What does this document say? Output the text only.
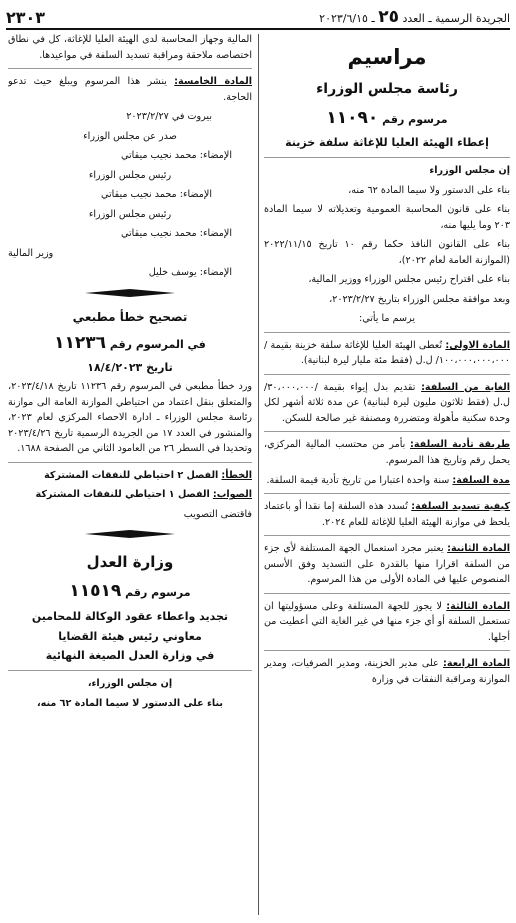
الجريدة الرسمية ـ العدد ٢٥ ـ ٢٠٢٣/٦/١٥
٢٣٠٣
مراسيم
رئاسة مجلس الوزراء
مرسوم رقم ١١٠٩٠
إعطاء الهيئة العليا للإغاثة سلفة خزينة

إن مجلس الوزراء

بناء على الدستور ولا سيما المادة ٦٢ منه،

بناء على قانون المحاسبة العمومية وتعديلاته لا سيما المادة ٢٠٣ وما يليها منه،

بناء على القانون النافذ حكما رقم ١٠ تاريخ ٢٠٢٢/١١/١٥ (الموازنة العامة لعام ٢٠٢٢)،

بناء على اقتراح رئيس مجلس الوزراء ووزير المالية،

وبعد موافقة مجلس الوزراء بتاريخ ٢٠٢٣/٢/٢٧،

يرسم ما يأتي:

المادة الاولى: تُعطى الهيئة العليا للإغاثة سلفة خزينة بقيمة /١٠٠،٠٠٠،٠٠٠،٠٠٠/ ل.ل (فقط مئة مليار ليرة لبنانية).

الغاية من السلفة: تقديم بدل إيواء بقيمة /٣٠،٠٠٠،٠٠٠/ ل.ل (فقط ثلاثون مليون ليرة لبنانية) عن مدة ثلاثة أشهر لكل وحدة سكنية مأهولة ومتضررة ومصنفة غير صالحة للسكن.

طريقة تأدية السلفة: بأمر من محتسب المالية المركزي، يحمل رقم وتاريخ هذا المرسوم.

مدة السلفة: سنة واحدة اعتبارا من تاريخ تأدية قيمة السلفة.

كيفية تسديد السلفة: تُسدد هذه السلفة إما نقدا أو باعتماد يلحظ في موازنة الهيئة العليا للإغاثة للعام ٢٠٢٤.

المادة الثانية: يعتبر مجرد استعمال الجهة المستلفة لأي جزء من السلفة اقرارا منها بالقدرة على التسديد وفق الأسس المنصوص عليها في المادة الأولى من هذا المرسوم.

المادة الثالثة: لا يجوز للجهة المستلفة وعلى مسؤوليتها ان تستعمل السلفة أو أي جزء منها في غير الغاية التي أعطيت من أجلها.

المادة الرابعة: على مدير الخزينة، ومدير الصرفيات، ومدير الموازنة ومراقبة النفقات في وزارة

المالية وجهاز المحاسبة لدى الهيئة العليا للإغاثة، كل في نطاق اختصاصه ملاحقة ومراقبة تسديد السلفة في مواعيدها.

المادة الخامسة: ينشر هذا المرسوم ويبلغ حيث تدعو الحاجة.

بيروت في ٢٠٢٣/٢/٢٧

صدر عن مجلس الوزراء

الإمضاء: محمد نجيب ميقاتي

رئيس مجلس الوزراء

الإمضاء: محمد نجيب ميقاتي

رئيس مجلس الوزراء

الإمضاء: محمد نجيب ميقاتي

وزير المالية

الإمضاء: يوسف خليل

تصحيح خطأ مطبعي
في المرسوم رقم ١١٢٣٦
تاريخ ١٨/٤/٢٠٢٣

ورد خطأ مطبعي في المرسوم رقم ١١٢٣٦ تاريخ ٢٠٢٣/٤/١٨، والمتعلق بنقل اعتماد من احتياطي الموازنة العامة الى موازنة رئاسة مجلس الوزراء ـ ادارة الاحصاء المركزي لعام ٢٠٢٣، والمنشور في العدد ١٧ من الجريدة الرسمية تاريخ ٢٠٢٣/٤/٢٦ وتحديدا في السطر ٢٦ من العامود الثاني من الصفحة ١٦٨٨.

الخطأ: الفصل ٢ احتياطي للنفقات المشتركة

الصواب: الفصل ١ احتياطي للنفقات المشتركة

فاقتضى التصويب

وزارة العدل
مرسوم رقم ١١٥١٩
تجديد واعطاء عقود الوكالة للمحامين
معاوني رئيس هيئة القضايا
في وزارة العدل الصيغة النهائية

إن مجلس الوزراء،

بناء على الدستور لا سيما المادة ٦٢ منه،
